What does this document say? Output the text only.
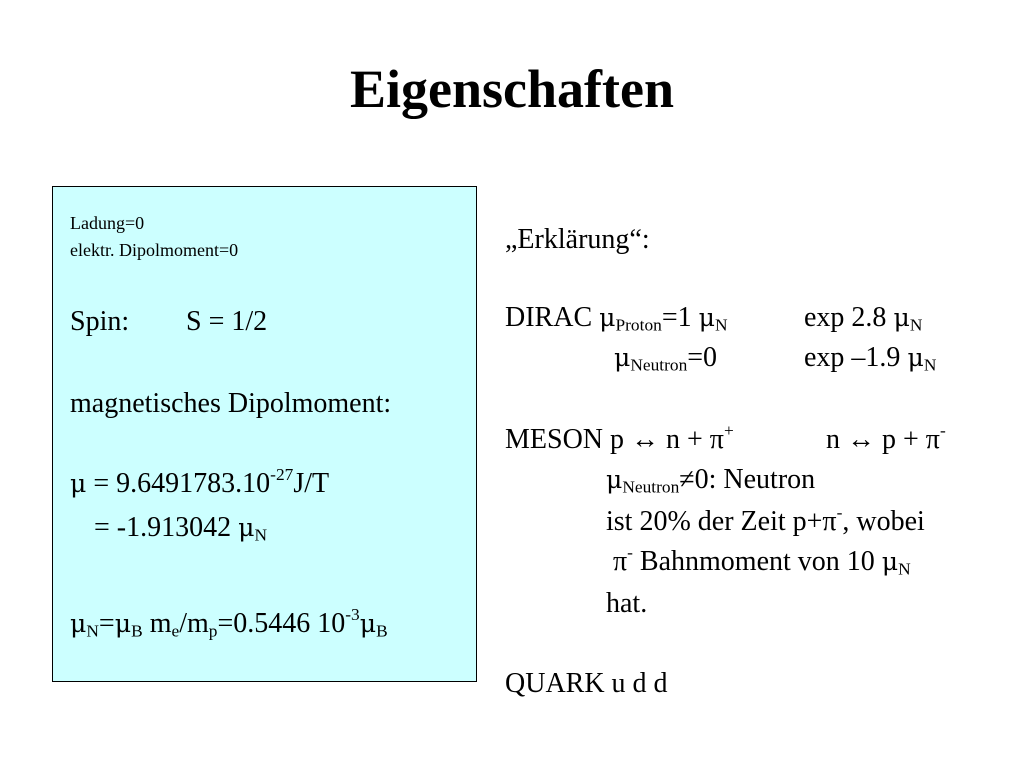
Eigenschaften
Ladung=0
elektr. Dipolmoment=0
Spin: S = 1/2
magnetisches Dipolmoment:
$\mu = 9.6491783.10^{-27}J/T$
= -1.913042 $\mu_N$
$\mu_N=\mu_B$ $m_e/m_p=0.5446$ $10^{-3}\mu_B$
„Erklärung“:
DIRAC $\mu_{Proton}=1$ $\mu_N$	exp 2.8 $\mu_N$
$\mu_{Neutron}=0$	exp –1.9 $\mu_N$
MESON p ↔ n + π+	n ↔ p + π-
$\mu_{Neutron}\ne 0$: Neutron
ist 20% der Zeit p+π-, wobei
π- Bahnmoment von 10 $\mu_N$
hat.
QUARK u d d
